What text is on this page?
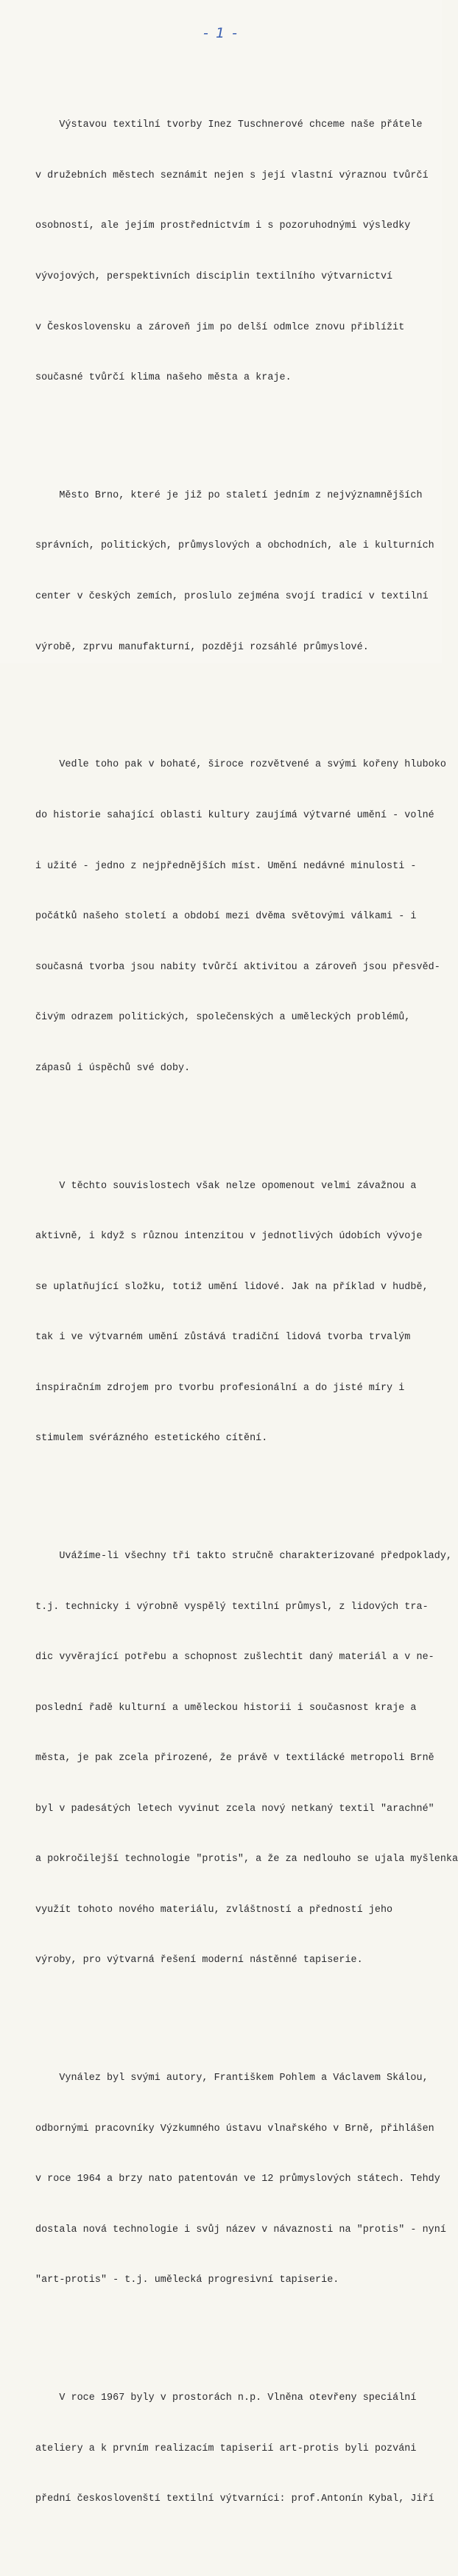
- 1 -

Výstavou textilní tvorby Inez Tuschnerové chceme naše přátele

v družebních městech seznámit nejen s její vlastní výraznou tvůrčí

osobností, ale jejím prostřednictvím i s pozoruhodnými výsledky

vývojových, perspektivních disciplin textilního výtvarnictví

v Československu a zároveň jim po delší odmlce znovu přiblížit

současné tvůrčí klima našeho města a kraje.

Město Brno, které je již po staletí jedním z nejvýznamnějších

správních, politických, průmyslových a obchodních, ale i kulturních

center v českých zemích, proslulo zejména svojí tradicí v textilní

výrobě, zprvu manufakturní, později rozsáhlé průmyslové.

Vedle toho pak v bohaté, široce rozvětvené a svými kořeny hluboko

do historie sahající oblasti kultury zaujímá výtvarné umění - volné

i užité - jedno z nejpřednějších míst. Umění nedávné minulosti -

počátků našeho století a období mezi dvěma světovými válkami - i

současná tvorba jsou nabity tvůrčí aktivitou a zároveň jsou přesvěd-

čivým odrazem politických, společenských a uměleckých problémů,

zápasů i úspěchů své doby.

V těchto souvislostech však nelze opomenout velmi závažnou a

aktivně, i když s různou intenzitou v jednotlivých údobích vývoje

se uplatňující složku, totiž umění lidové. Jak na příklad v hudbě,

tak i ve výtvarném umění zůstává tradiční lidová tvorba trvalým

inspiračním zdrojem pro tvorbu profesionální a do jisté míry i

stimulem svérázného estetického cítění.

Uvážíme-li všechny tři takto stručně charakterizované předpoklady,

t.j. technicky i výrobně vyspělý textilní průmysl, z lidových tra-

dic vyvěrající potřebu a schopnost zušlechtit daný materiál a v ne-

poslední řadě kulturní a uměleckou historii i současnost kraje a

města, je pak zcela přirozené, že právě v textilácké metropoli Brně

byl v padesátých letech vyvinut zcela nový netkaný textil "arachné"

a pokročilejší technologie "protis", a že za nedlouho se ujala myšlenka

využít tohoto nového materiálu, zvláštností a předností jeho

výroby, pro výtvarná řešení moderní nástěnné tapiserie.

Vynález byl svými autory, Františkem Pohlem a Václavem Skálou,

odbornými pracovníky Výzkumného ústavu vlnařského v Brně, přihlášen

v roce 1964 a brzy nato patentován ve 12 průmyslových státech. Tehdy

dostala nová technologie i svůj název v návaznosti na "protis" - nyní

"art-protis" - t.j. umělecká progresivní tapiserie.

V roce 1967 byly v prostorách n.p. Vlněna otevřeny speciální

ateliery a k prvním realizacím tapiserií art-protis byli pozváni

přední českoslovenští textilní výtvarníci: prof.Antonín Kybal, Jiří
